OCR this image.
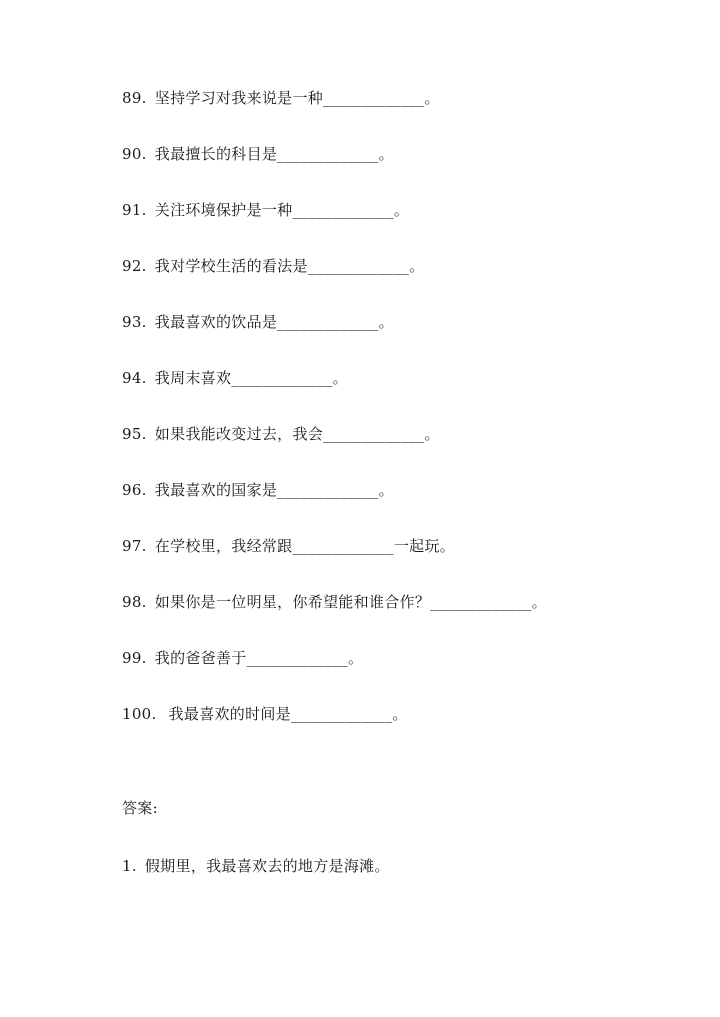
89. 坚持学习对我来说是一种_____________。
90. 我最擅长的科目是_____________。
91. 关注环境保护是一种_____________。
92. 我对学校生活的看法是_____________。
93. 我最喜欢的饮品是_____________。
94. 我周末喜欢_____________。
95. 如果我能改变过去，我会_____________。
96. 我最喜欢的国家是_____________。
97. 在学校里，我经常跟_____________一起玩。
98. 如果你是一位明星，你希望能和谁合作？_____________。
99. 我的爸爸善于_____________。
100. 我最喜欢的时间是_____________。
答案:
1. 假期里，我最喜欢去的地方是海滩。
